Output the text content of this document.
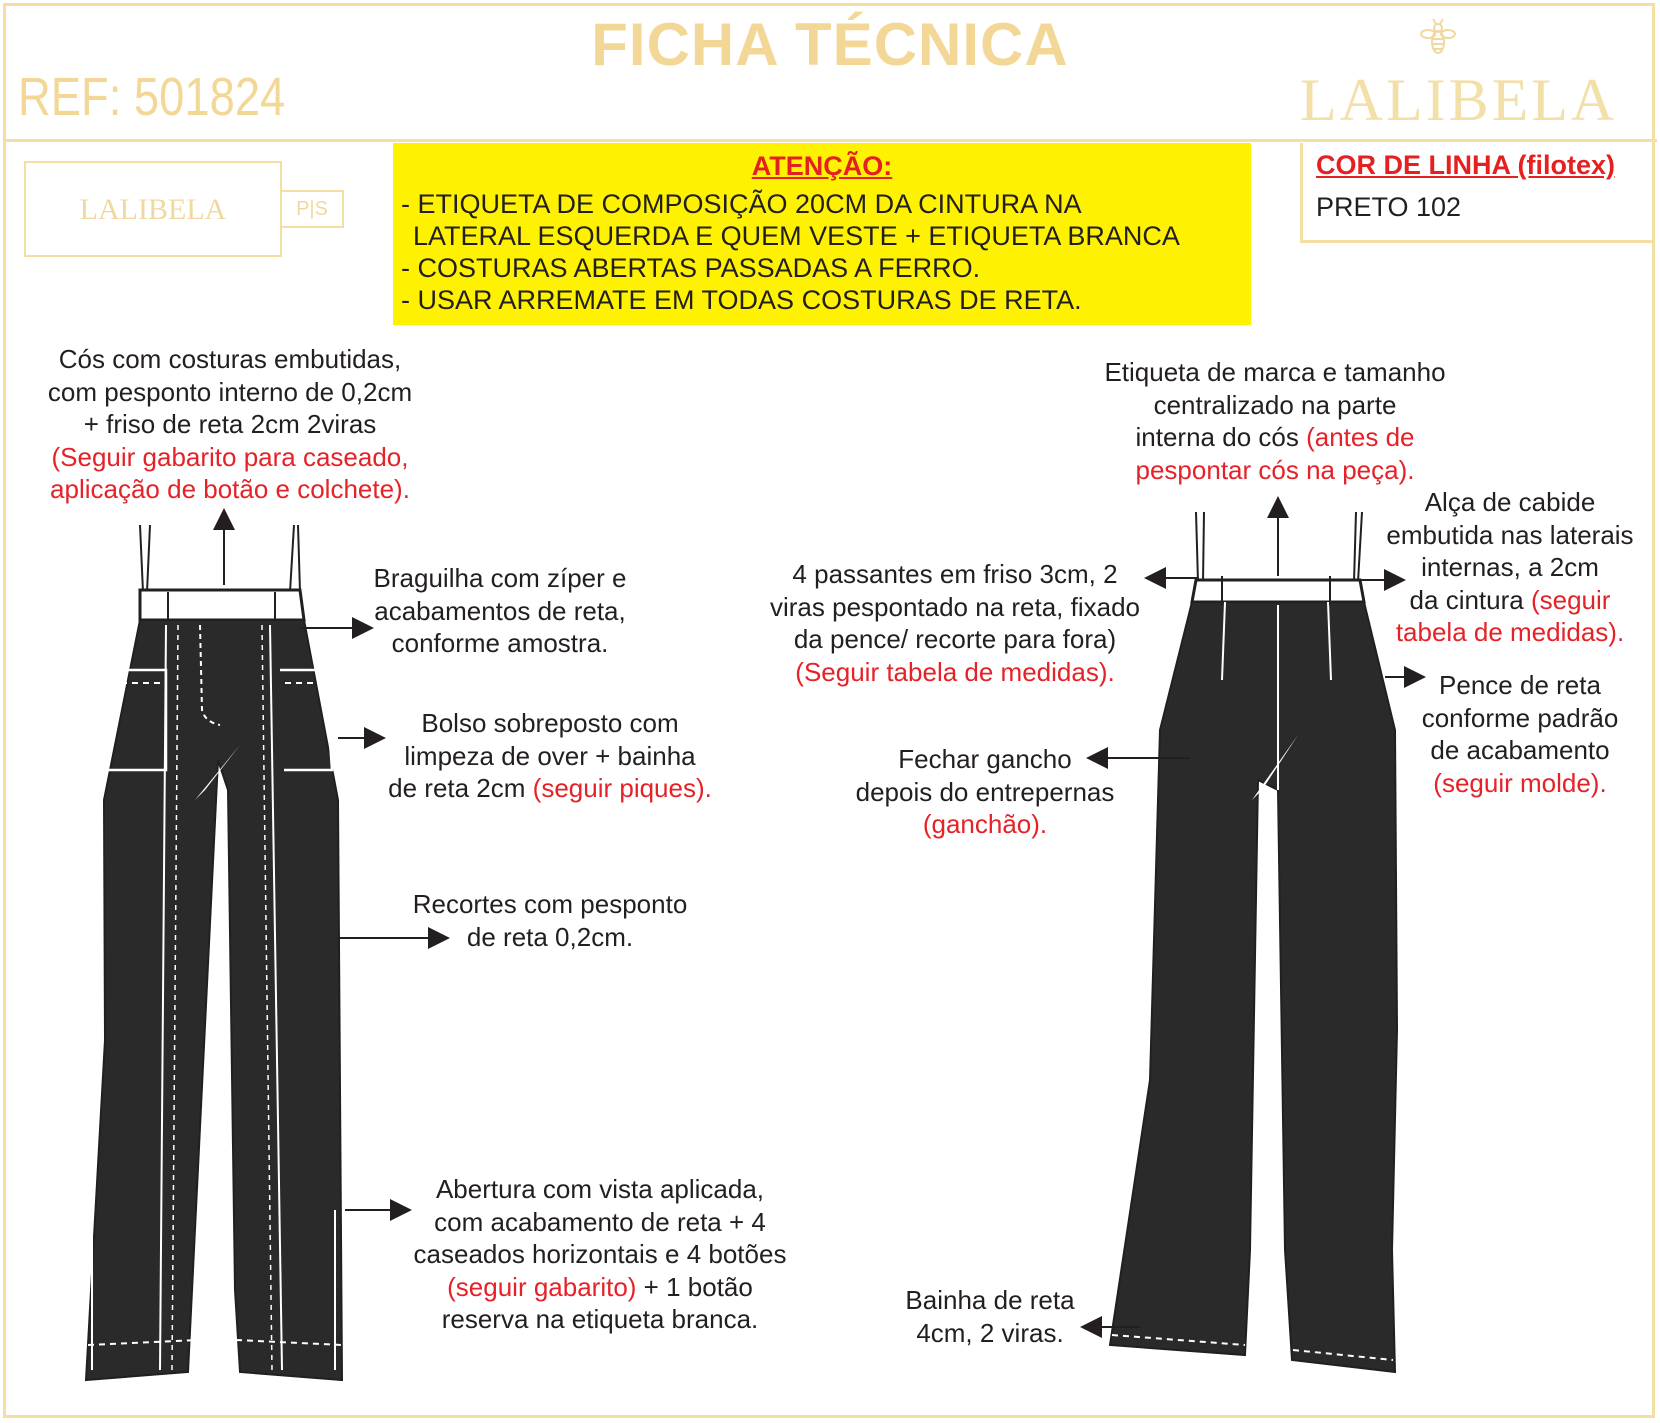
FICHA TÉCNICA
REF: 501824	LALIBELA
LALIBELA	P|S
ATENÇÃO:
- ETIQUETA DE COMPOSIÇÃO 20CM DA CINTURA NA
LATERAL ESQUERDA E QUEM VESTE + ETIQUETA BRANCA
- COSTURAS ABERTAS PASSADAS A FERRO.
- USAR ARREMATE EM TODAS COSTURAS DE RETA.
COR DE LINHA (filotex)
PRETO 102
Cós com costuras embutidas,
com pesponto interno de 0,2cm
+ friso de reta 2cm 2viras
(Seguir gabarito para caseado,
aplicação de botão e colchete).
Braguilha com zíper e
acabamentos de reta,
conforme amostra.
Bolso sobreposto com
limpeza de over + bainha
de reta 2cm (seguir piques).
Recortes com pesponto
de reta 0,2cm.
Abertura com vista aplicada,
com acabamento de reta + 4
caseados horizontais e 4 botões
(seguir gabarito) + 1 botão
reserva na etiqueta branca.
Etiqueta de marca e tamanho
centralizado na parte
interna do cós (antes de
pespontar cós na peça).
Alça de cabide
embutida nas laterais
internas, a 2cm
da cintura (seguir
tabela de medidas).
4 passantes em friso 3cm, 2
viras pespontado na reta, fixado
da pence/ recorte para fora)
(Seguir tabela de medidas).	Pence de reta
conforme padrão
de acabamento
(seguir molde).
Fechar gancho
depois do entrepernas
(ganchão).
Bainha de reta
4cm, 2 viras.
